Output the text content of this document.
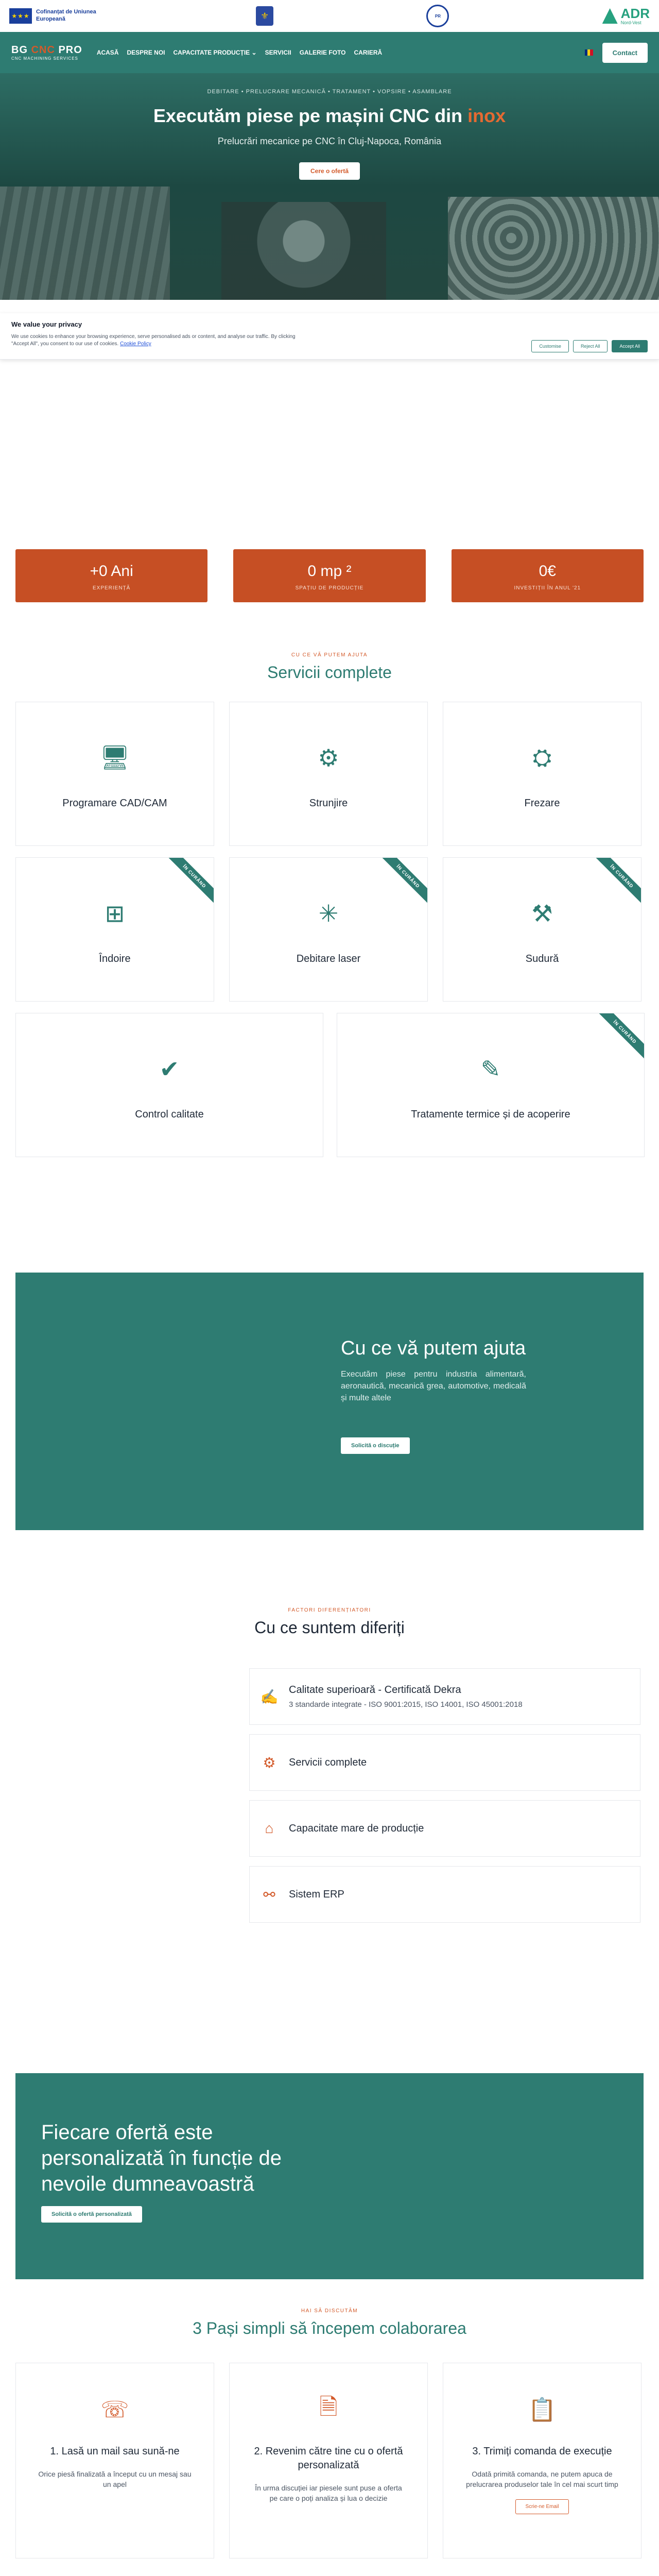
★★★
Cofinanțat de Uniunea Europeană	⚜	PR	ADR
Nord-Vest
BG CNC PRO
CNC MACHINING SERVICES
ACASĂ DESPRE NOI CAPACITATE PRODUCȚIE ⌄ SERVICII GALERIE FOTO CARIERĂ	Contact
DEBITARE • PRELUCRARE MECANICĂ • TRATAMENT • VOPSIRE • ASAMBLARE
Executăm piese pe mașini CNC din inox
Prelucrări mecanice pe CNC în Cluj-Napoca, România
Cere o ofertă
We value your privacy
We use cookies to enhance your browsing experience, serve personalised ads or content, and analyse our traffic. By clicking "Accept All", you consent to our use of cookies. Cookie Policy	Customise	Reject All	Accept All
+0 Ani
EXPERIENȚĂ
0 mp ²
SPAȚIU DE PRODUCȚIE
0€
INVESTIȚII ÎN ANUL '21
CU CE VĂ PUTEM AJUTA
Servicii complete
🖥
Programare CAD/CAM
⚙
Strunjire
⛭
Frezare
ÎN CURÂND
⊞
Îndoire
ÎN CURÂND
✳
Debitare laser
ÎN CURÂND
⚒
Sudură
✔
Control calitate
ÎN CURÂND
✎
Tratamente termice și de acoperire
Cu ce vă putem ajuta
Executăm piese pentru industria alimentară, aeronautică, mecanică grea, automotive, medicală și multe altele
Solicită o discuție
FACTORI DIFERENȚIATORI
Cu ce suntem diferiți
✍ Calitate superioară - Certificată Dekra
3 standarde integrate - ISO 9001:2015, ISO 14001, ISO 45001:2018
⚙	Servicii complete
⌂	Capacitate mare de producție
⚯	Sistem ERP
Fiecare ofertă este personalizată în funcție de nevoile dumneavoastră
Solicită o ofertă personalizată
HAI SĂ DISCUTĂM
3 Pași simpli să începem colaborarea
☏
1. Lasă un mail sau sună-ne
Orice piesă finalizată a început cu un mesaj sau un apel
🗎
2. Revenim către tine cu o ofertă personalizată
În urma discuției iar piesele sunt puse a oferta pe care o poți analiza și lua o decizie
📋
3. Trimiți comanda de execuție
Odată primită comanda, ne putem apuca de prelucrarea produselor tale în cel mai scurt timp
Scrie-ne Email
